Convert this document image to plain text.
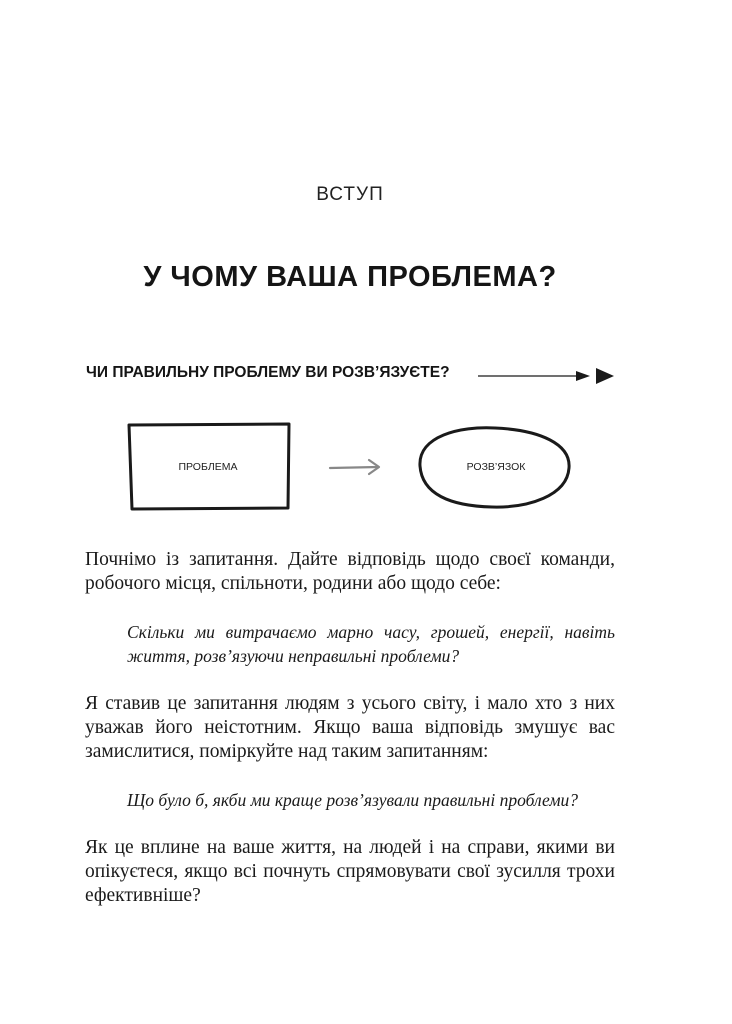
ВСТУП
У ЧОМУ ВАША ПРОБЛЕМА?
ЧИ ПРАВИЛЬНУ ПРОБЛЕМУ ВИ РОЗВ’ЯЗУЄТЕ?
ПРОБЛЕМА	РОЗВ’ЯЗОК

Почнімо із запитання. Дайте відповідь щодо своєї команди, робочого місця, спільноти, родини або щодо себе:

Скільки ми витрачаємо марно часу, грошей, енергії, навіть життя, розв’язуючи неправильні проблеми?

Я ставив це запитання людям з усього світу, і мало хто з них уважав його неістотним. Якщо ваша відповідь змушує вас замислитися, поміркуйте над таким запитанням:

Що було б, якби ми краще розв’язували правильні проблеми?

Як це вплине на ваше життя, на людей і на справи, якими ви опікуєтеся, якщо всі почнуть спрямовувати свої зусилля трохи ефективніше?
